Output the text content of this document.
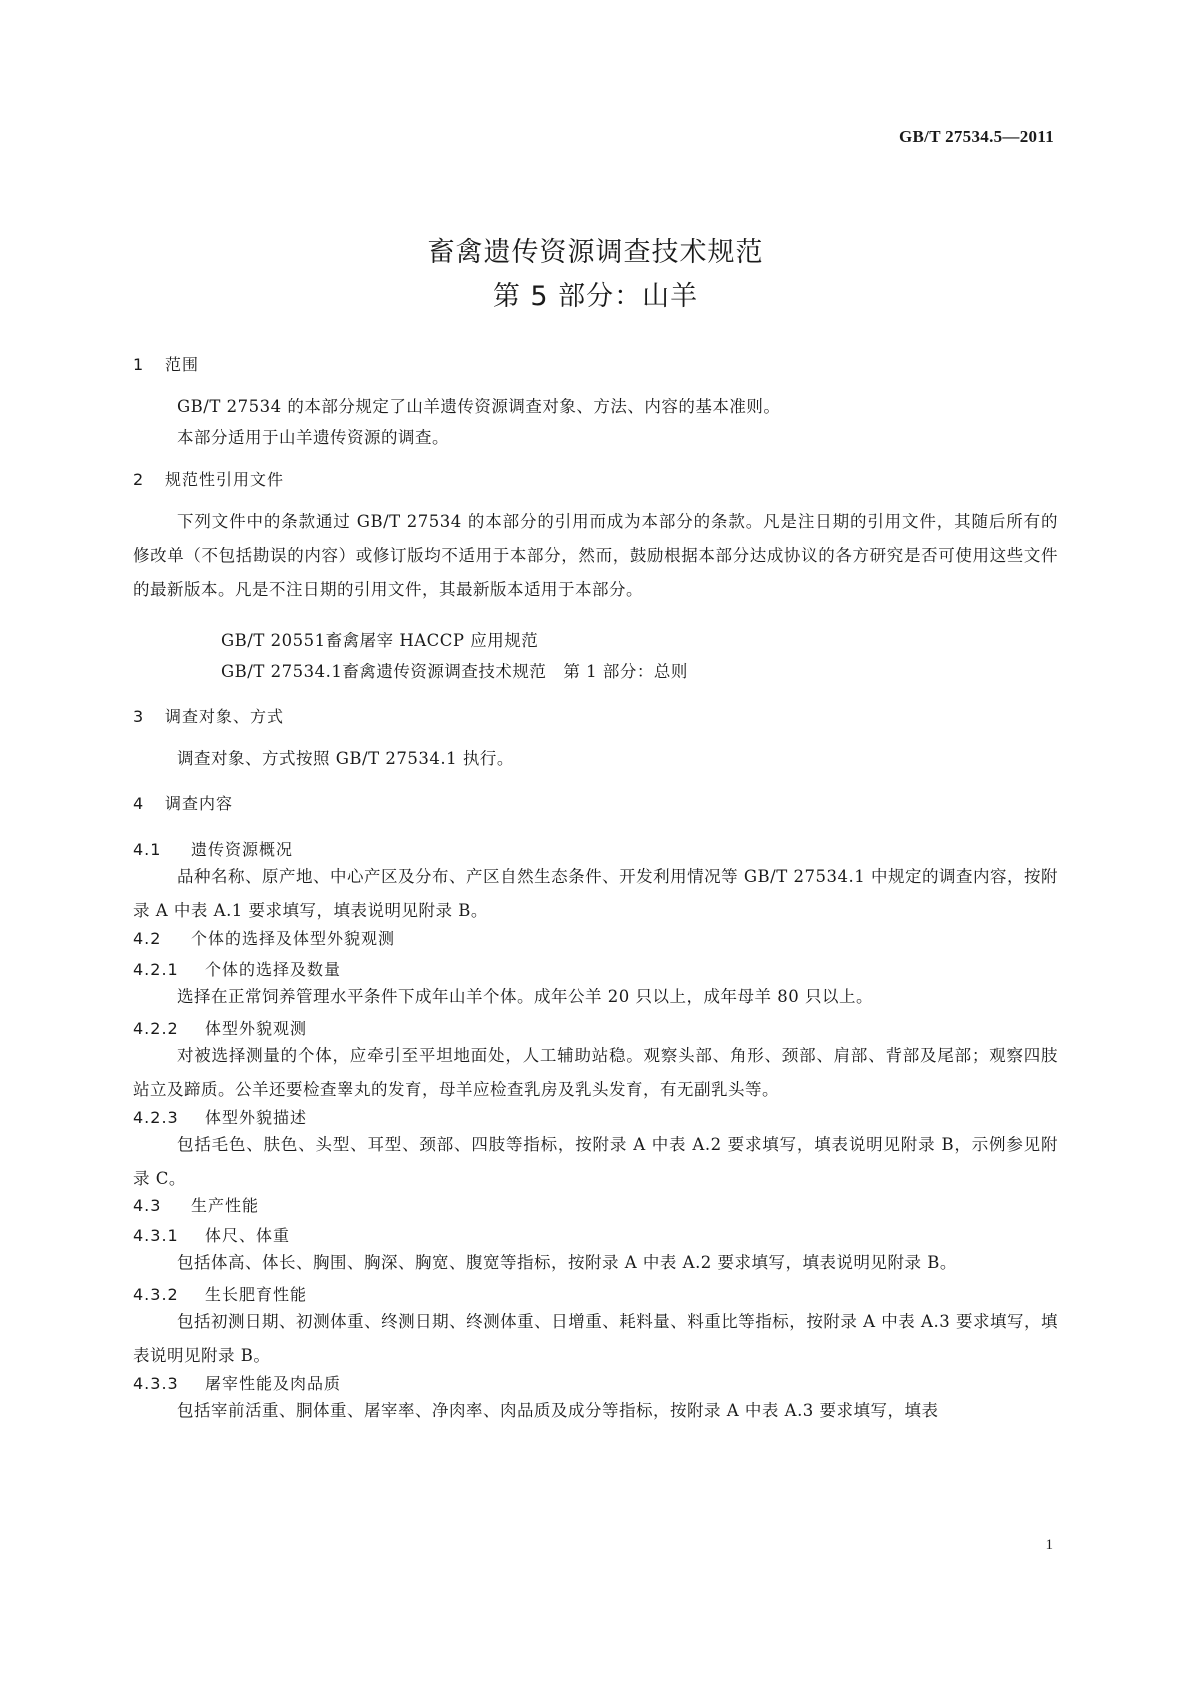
GB/T 27534.5—2011
畜禽遗传资源调查技术规范
第 5 部分：山羊
1 范围
GB/T 27534 的本部分规定了山羊遗传资源调查对象、方法、内容的基本准则。
本部分适用于山羊遗传资源的调查。
2 规范性引用文件
下列文件中的条款通过 GB/T 27534 的本部分的引用而成为本部分的条款。凡是注日期的引用文件，其随后所有的修改单（不包括勘误的内容）或修订版均不适用于本部分，然而，鼓励根据本部分达成协议的各方研究是否可使用这些文件的最新版本。凡是不注日期的引用文件，其最新版本适用于本部分。
GB/T 20551畜禽屠宰 HACCP 应用规范
GB/T 27534.1畜禽遗传资源调查技术规范　第 1 部分：总则
3 调查对象、方式
调查对象、方式按照 GB/T 27534.1 执行。
4 调查内容
4.1 遗传资源概况
品种名称、原产地、中心产区及分布、产区自然生态条件、开发利用情况等 GB/T 27534.1 中规定的调查内容，按附录 A 中表 A.1 要求填写，填表说明见附录 B。
4.2 个体的选择及体型外貌观测
4.2.1 个体的选择及数量
选择在正常饲养管理水平条件下成年山羊个体。成年公羊 20 只以上，成年母羊 80 只以上。
4.2.2 体型外貌观测
对被选择测量的个体，应牵引至平坦地面处，人工辅助站稳。观察头部、角形、颈部、肩部、背部及尾部；观察四肢站立及蹄质。公羊还要检查睾丸的发育，母羊应检查乳房及乳头发育，有无副乳头等。
4.2.3 体型外貌描述
包括毛色、肤色、头型、耳型、颈部、四肢等指标，按附录 A 中表 A.2 要求填写，填表说明见附录 B，示例参见附录 C。
4.3 生产性能
4.3.1 体尺、体重
包括体高、体长、胸围、胸深、胸宽、腹宽等指标，按附录 A 中表 A.2 要求填写，填表说明见附录 B。
4.3.2 生长肥育性能
包括初测日期、初测体重、终测日期、终测体重、日增重、耗料量、料重比等指标，按附录 A 中表 A.3 要求填写，填表说明见附录 B。
4.3.3 屠宰性能及肉品质
包括宰前活重、胴体重、屠宰率、净肉率、肉品质及成分等指标，按附录 A 中表 A.3 要求填写，填表
1
